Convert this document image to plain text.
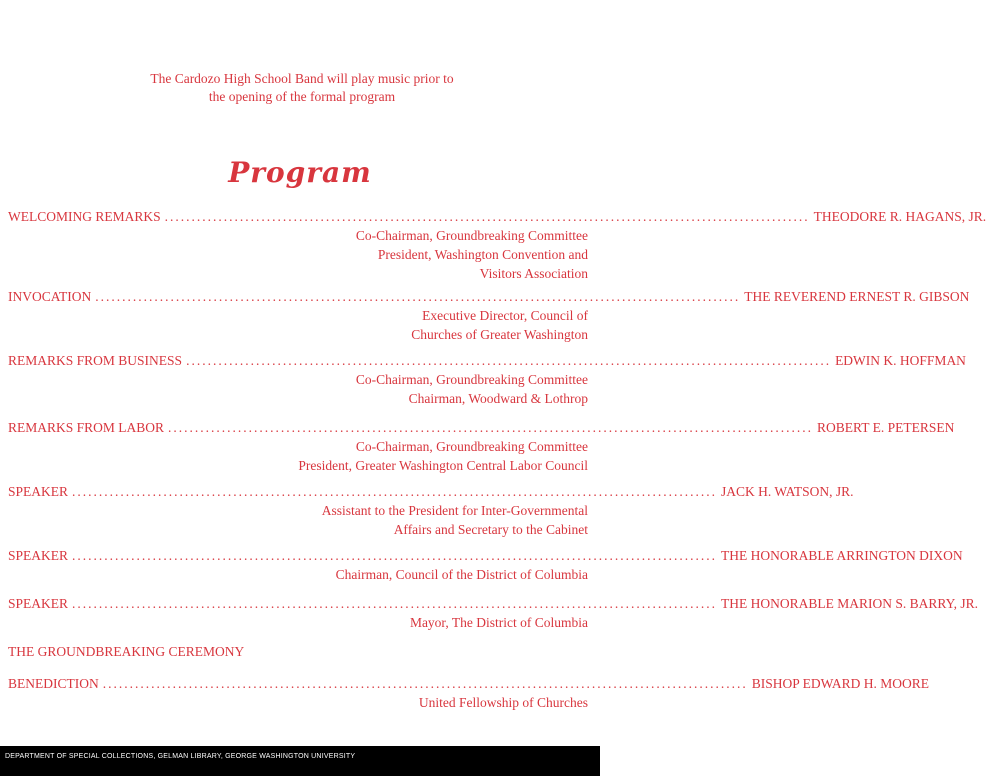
The Cardozo High School Band will play music prior to
the opening of the formal program
Program
WELCOMING REMARKS ........................................................................................................................ THEODORE R. HAGANS, JR.
Co-Chairman, Groundbreaking Committee
President, Washington Convention and
Visitors Association
INVOCATION ........................................................................................................................ THE REVEREND ERNEST R. GIBSON
Executive Director, Council of
Churches of Greater Washington
REMARKS FROM BUSINESS ........................................................................................................................ EDWIN K. HOFFMAN
Co-Chairman, Groundbreaking Committee
Chairman, Woodward & Lothrop
REMARKS FROM LABOR ........................................................................................................................ ROBERT E. PETERSEN
Co-Chairman, Groundbreaking Committee
President, Greater Washington Central Labor Council
SPEAKER ........................................................................................................................ JACK H. WATSON, JR.
Assistant to the President for Inter-Governmental
Affairs and Secretary to the Cabinet
SPEAKER ........................................................................................................................ THE HONORABLE ARRINGTON DIXON
Chairman, Council of the District of Columbia
SPEAKER ........................................................................................................................ THE HONORABLE MARION S. BARRY, JR.
Mayor, The District of Columbia
THE GROUNDBREAKING CEREMONY
BENEDICTION ........................................................................................................................ BISHOP EDWARD H. MOORE
United Fellowship of Churches
DEPARTMENT OF SPECIAL COLLECTIONS, GELMAN LIBRARY, GEORGE WASHINGTON UNIVERSITY
